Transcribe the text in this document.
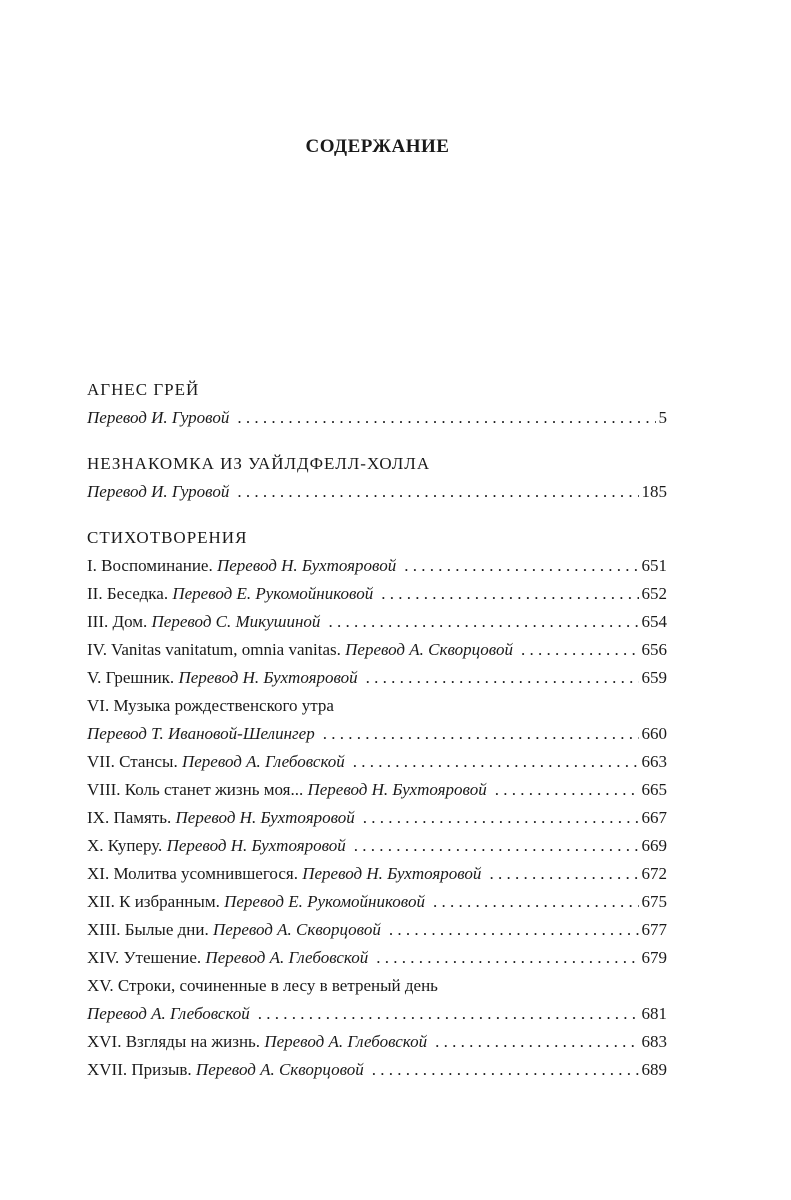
СОДЕРЖАНИЕ
АГНЕС ГРЕЙ
Перевод И. Гуровой . . .	5
НЕЗНАКОМКА ИЗ УАЙЛДФЕЛЛ-ХОЛЛА
Перевод И. Гуровой . . .	185
СТИХОТВОРЕНИЯ
I. Воспоминание. Перевод Н. Бухтояровой . . .	651
II. Беседка. Перевод Е. Рукомойниковой . . .	652
III. Дом. Перевод С. Микушиной . . .	654
IV. Vanitas vanitatum, omnia vanitas. Перевод А. Скворцовой . . .	656
V. Грешник. Перевод Н. Бухтояровой . . .	659
VI. Музыка рождественского утра
Перевод Т. Ивановой-Шелингер . . .	660
VII. Стансы. Перевод А. Глебовской . . .	663
VIII. Коль станет жизнь моя... Перевод Н. Бухтояровой . . .	665
IX. Память. Перевод Н. Бухтояровой . . .	667
X. Куперу. Перевод Н. Бухтояровой . . .	669
XI. Молитва усомнившегося. Перевод Н. Бухтояровой . . .	672
XII. К избранным. Перевод Е. Рукомойниковой . . .	675
XIII. Былые дни. Перевод А. Скворцовой . . .	677
XIV. Утешение. Перевод А. Глебовской . . .	679
XV. Строки, сочиненные в лесу в ветреный день
Перевод А. Глебовской . . .	681
XVI. Взгляды на жизнь. Перевод А. Глебовской . . .	683
XVII. Призыв. Перевод А. Скворцовой . . .	689
